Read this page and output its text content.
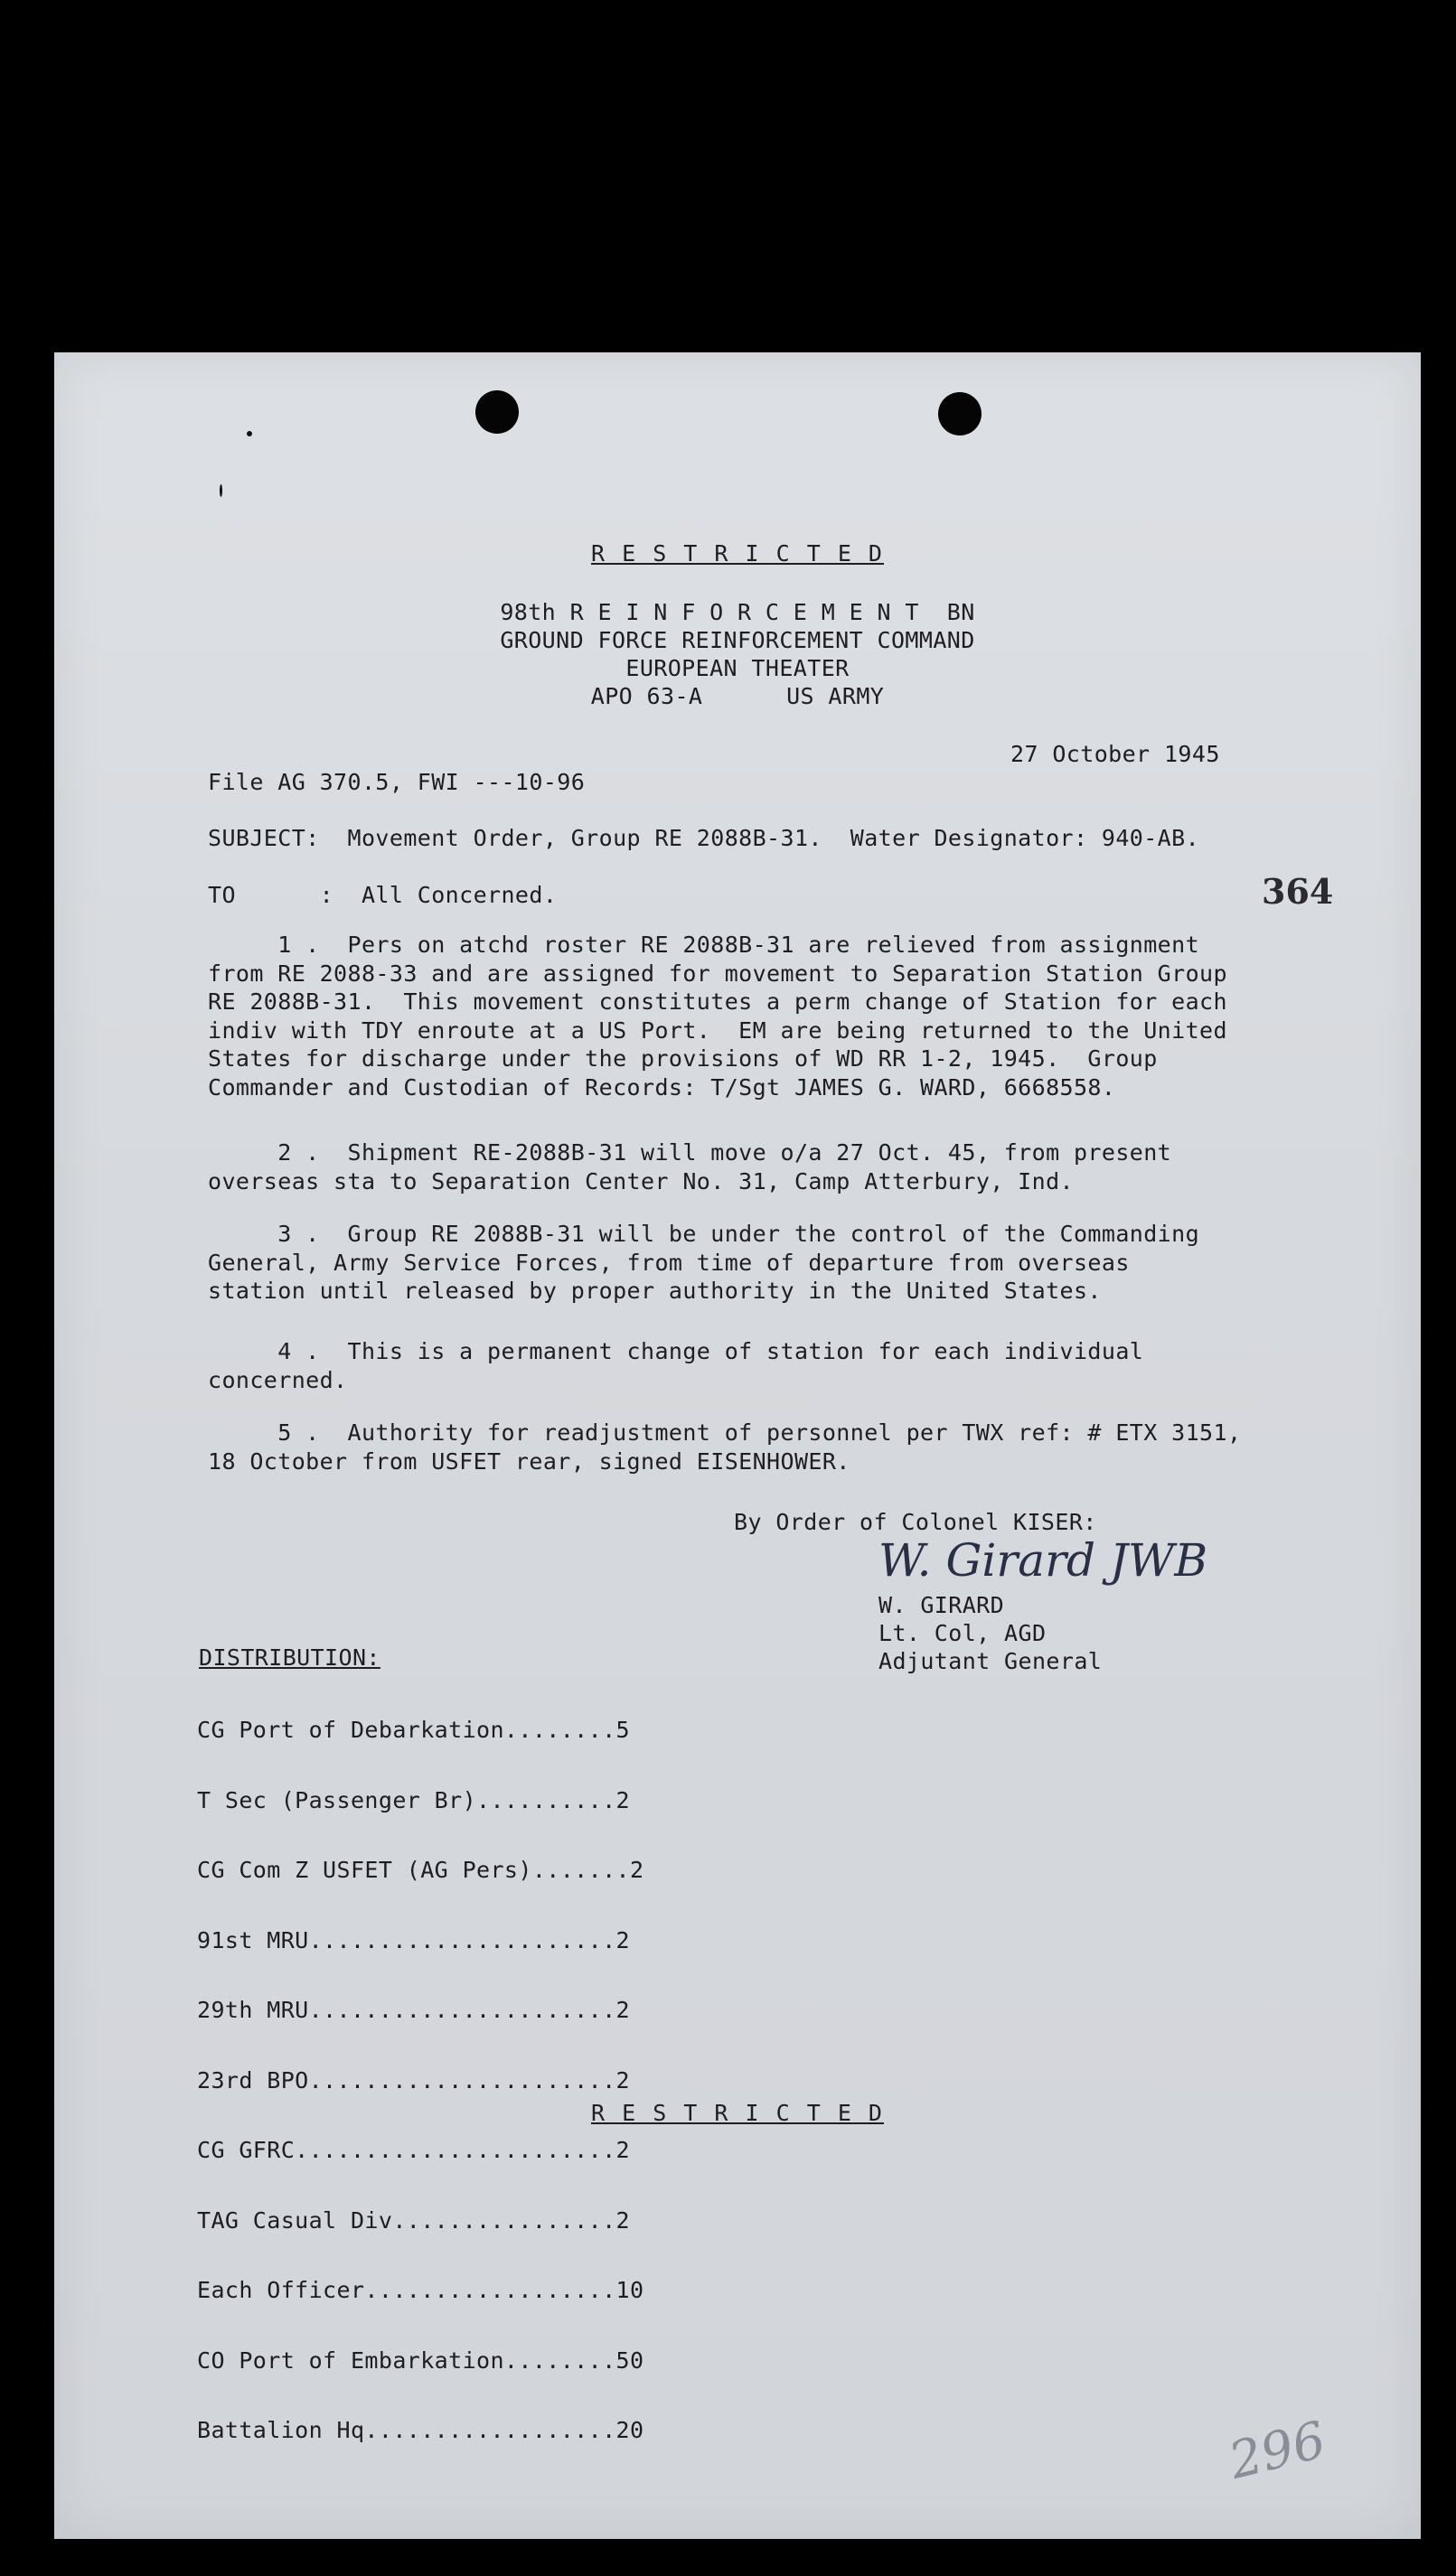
R E S T R I C T E D
98th R E I N F O R C E M E N T  BN
GROUND FORCE REINFORCEMENT COMMAND
EUROPEAN THEATER
APO 63-A      US ARMY
27 October 1945
File AG 370.5, FWI ---10-96
SUBJECT:  Movement Order, Group RE 2088B-31.  Water Designator: 940-AB.
TO      :  All Concerned.	364
1 .  Pers on atchd roster RE 2088B-31 are relieved from assignment
from RE 2088-33 and are assigned for movement to Separation Station Group
RE 2088B-31.  This movement constitutes a perm change of Station for each
indiv with TDY enroute at a US Port.  EM are being returned to the United
States for discharge under the provisions of WD RR 1-2, 1945.  Group
Commander and Custodian of Records: T/Sgt JAMES G. WARD, 6668558.
2 .  Shipment RE-2088B-31 will move o/a 27 Oct. 45, from present
overseas sta to Separation Center No. 31, Camp Atterbury, Ind.
3 .  Group RE 2088B-31 will be under the control of the Commanding
General, Army Service Forces, from time of departure from overseas
station until released by proper authority in the United States.
4 .  This is a permanent change of station for each individual
concerned.
5 .  Authority for readjustment of personnel per TWX ref: # ETX 3151,
18 October from USFET rear, signed EISENHOWER.
By Order of Colonel KISER:
W. Girard JWB
W. GIRARD
Lt. Col, AGD
Adjutant General
DISTRIBUTION:

CG Port of Debarkation........5

T Sec (Passenger Br)..........2

CG Com Z USFET (AG Pers).......2

91st MRU......................2

29th MRU......................2

23rd BPO......................2

CG GFRC.......................2

TAG Casual Div................2

Each Officer..................10

CO Port of Embarkation........50

Battalion Hq..................20

R E S T R I C T E D
296
